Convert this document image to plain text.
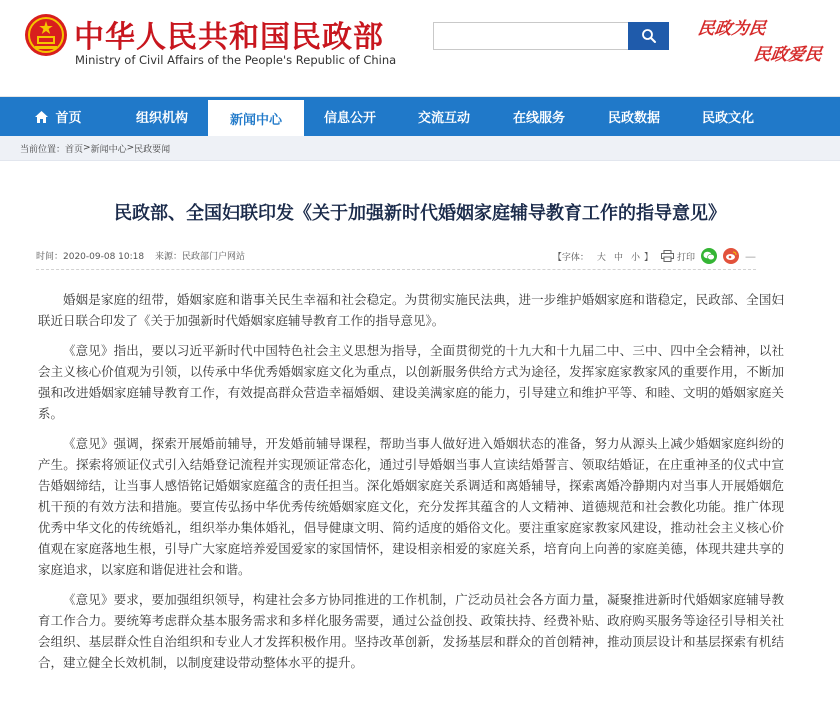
中华人民共和国民政部
Ministry of Civil Affairs of the People's Republic of China
民政为民
民政爱民
首页	组织机构	新闻中心	信息公开	交流互动	在线服务	民政数据	民政文化
当前位置： 首页 > 新闻中心 > 民政要闻
民政部、全国妇联印发《关于加强新时代婚姻家庭辅导教育工作的指导意见》
时间：2020-09-08 10:18 来源：民政部门户网站	【字体： 大 中 小 】	打印	—

婚姻是家庭的纽带，婚姻家庭和谐事关民生幸福和社会稳定。为贯彻实施民法典，进一步维护婚姻家庭和谐稳定，民政部、全国妇联近日联合印发了《关于加强新时代婚姻家庭辅导教育工作的指导意见》。

《意见》指出，要以习近平新时代中国特色社会主义思想为指导，全面贯彻党的十九大和十九届二中、三中、四中全会精神，以社会主义核心价值观为引领，以传承中华优秀婚姻家庭文化为重点，以创新服务供给方式为途径，发挥家庭家教家风的重要作用，不断加强和改进婚姻家庭辅导教育工作，有效提高群众营造幸福婚姻、建设美满家庭的能力，引导建立和维护平等、和睦、文明的婚姻家庭关系。

《意见》强调，探索开展婚前辅导，开发婚前辅导课程，帮助当事人做好进入婚姻状态的准备，努力从源头上减少婚姻家庭纠纷的产生。探索将颁证仪式引入结婚登记流程并实现颁证常态化，通过引导婚姻当事人宣读结婚誓言、领取结婚证，在庄重神圣的仪式中宣告婚姻缔结，让当事人感悟铭记婚姻家庭蕴含的责任担当。深化婚姻家庭关系调适和离婚辅导，探索离婚冷静期内对当事人开展婚姻危机干预的有效方法和措施。要宣传弘扬中华优秀传统婚姻家庭文化，充分发挥其蕴含的人文精神、道德规范和社会教化功能。推广体现优秀中华文化的传统婚礼，组织举办集体婚礼，倡导健康文明、简约适度的婚俗文化。要注重家庭家教家风建设，推动社会主义核心价值观在家庭落地生根，引导广大家庭培养爱国爱家的家国情怀，建设相亲相爱的家庭关系，培育向上向善的家庭美德，体现共建共享的家庭追求，以家庭和谐促进社会和谐。

《意见》要求，要加强组织领导，构建社会多方协同推进的工作机制，广泛动员社会各方面力量，凝聚推进新时代婚姻家庭辅导教育工作合力。要统筹考虑群众基本服务需求和多样化服务需要，通过公益创投、政策扶持、经费补贴、政府购买服务等途径引导相关社会组织、基层群众性自治组织和专业人才发挥积极作用。坚持改革创新，发扬基层和群众的首创精神，推动顶层设计和基层探索有机结合，建立健全长效机制，以制度建设带动整体水平的提升。
